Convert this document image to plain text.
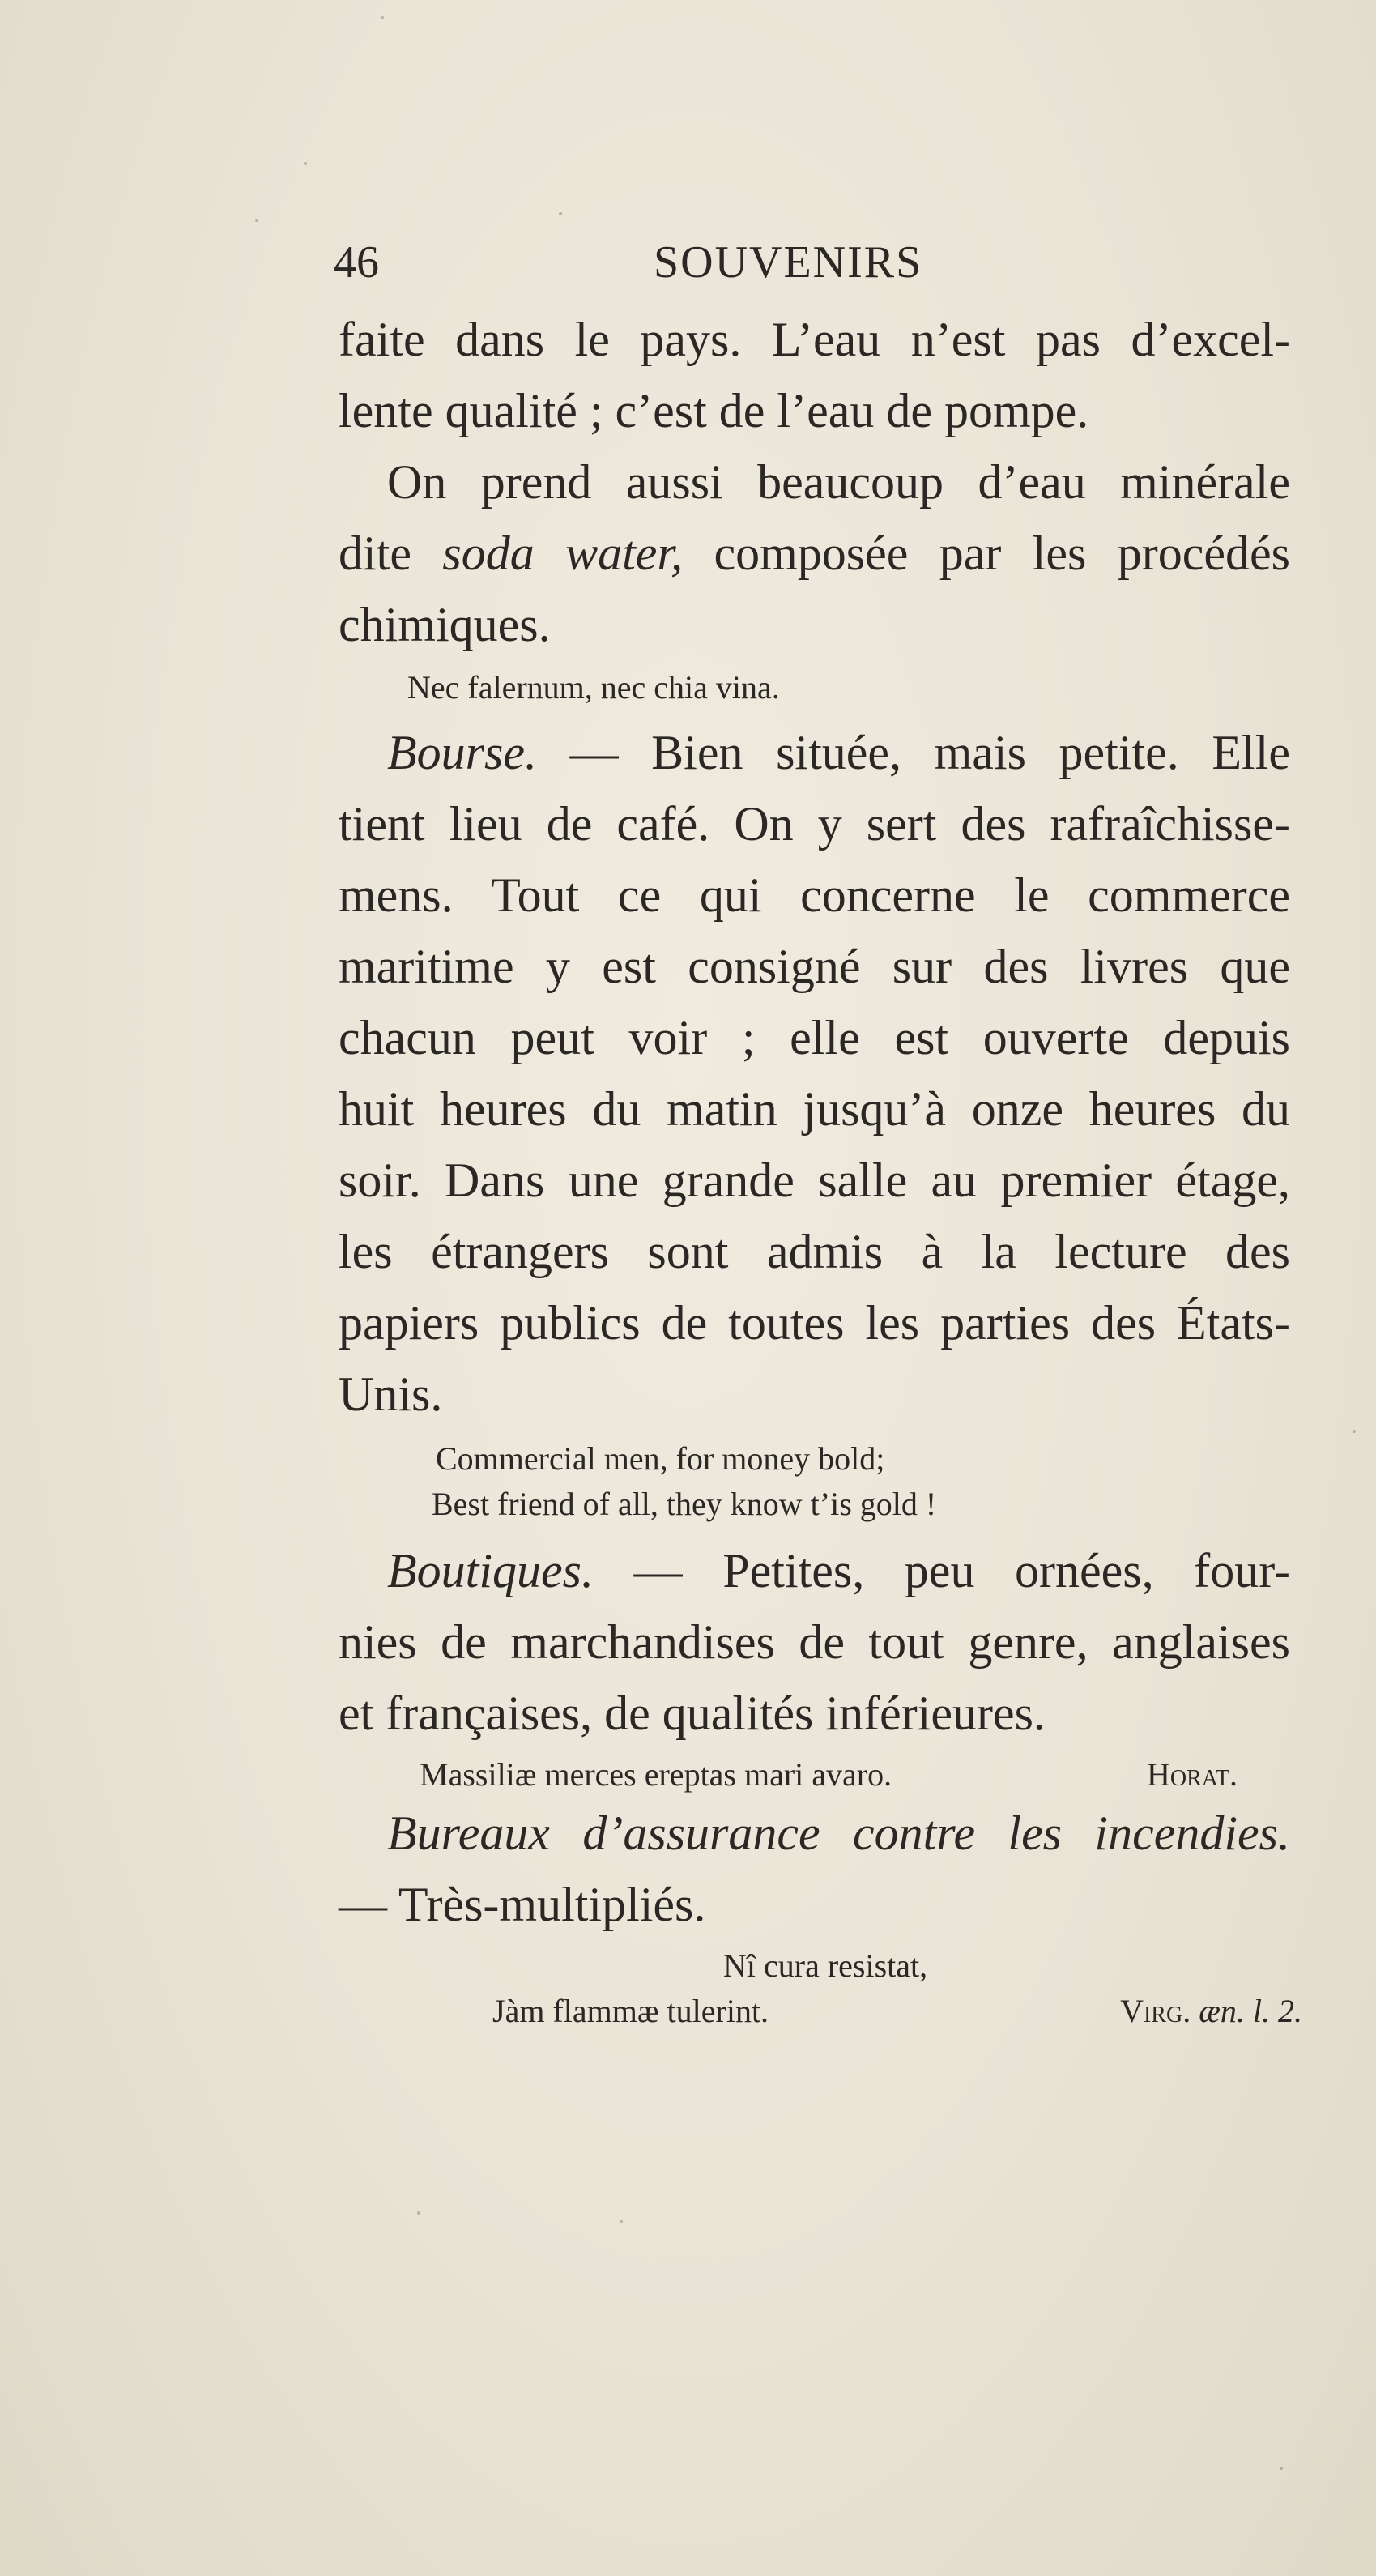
46	SOUVENIRS
faite dans le pays. L’eau n’est pas d’excel-
lente qualité ; c’est de l’eau de pompe.
On prend aussi beaucoup d’eau minérale
dite soda water, composée par les procédés
chimiques.
Nec falernum, nec chia vina.
Bourse. — Bien située, mais petite. Elle
tient lieu de café. On y sert des rafraîchisse-
mens. Tout ce qui concerne le commerce
maritime y est consigné sur des livres que
chacun peut voir ; elle est ouverte depuis
huit heures du matin jusqu’à onze heures du
soir. Dans une grande salle au premier étage,
les étrangers sont admis à la lecture des
papiers publics de toutes les parties des États-
Unis.
Commercial men, for money bold;
Best friend of all, they know t’is gold !
Boutiques. — Petites, peu ornées, four-
nies de marchandises de tout genre, anglaises
et françaises, de qualités inférieures.
Massiliæ merces ereptas mari avaro.	Horat.
Bureaux d’assurance contre les incendies.
— Très-multipliés.
Nî cura resistat,
Jàm flammæ tulerint.	Virg. æn. l. 2.
